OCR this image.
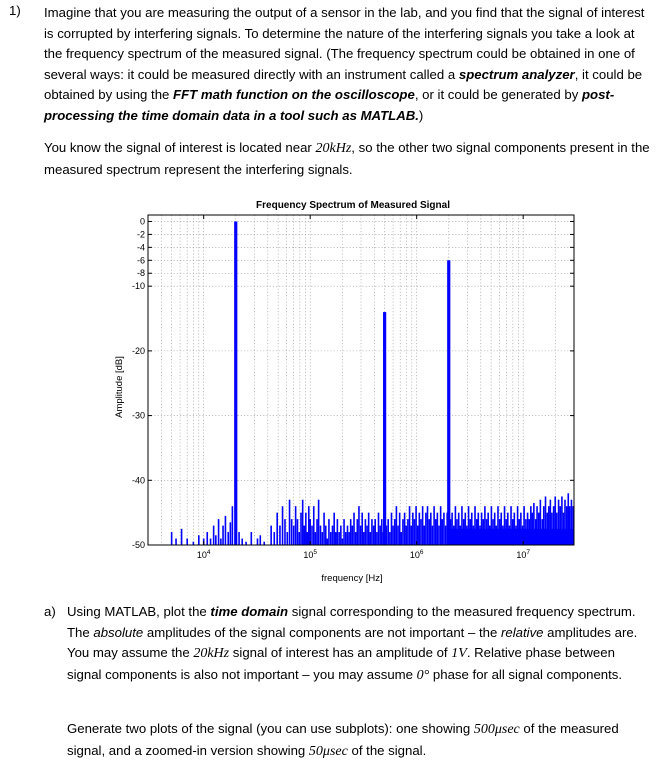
1) Imagine that you are measuring the output of a sensor in the lab, and you find that the signal of interest is corrupted by interfering signals. To determine the nature of the interfering signals you take a look at the frequency spectrum of the measured signal. (The frequency spectrum could be obtained in one of several ways: it could be measured directly with an instrument called a spectrum analyzer, it could be obtained by using the FFT math function on the oscilloscope, or it could be generated by post-processing the time domain data in a tool such as MATLAB.)

You know the signal of interest is located near 20kHz, so the other two signal components present in the measured spectrum represent the interfering signals.

Frequency Spectrum of Measured Signal
Amplitude [dB]
frequency [Hz]
0
-2
-4
-6
-8
-10
-20
-30
-40
-50
$10^4$	$10^5$	$10^6$	$10^7$
a) Using MATLAB, plot the time domain signal corresponding to the measured frequency spectrum. The absolute amplitudes of the signal components are not important – the relative amplitudes are. You may assume the 20kHz signal of interest has an amplitude of 1V. Relative phase between signal components is also not important – you may assume 0° phase for all signal components.

Generate two plots of the signal (you can use subplots): one showing 500μsec of the measured signal, and a zoomed-in version showing 50μsec of the signal.
